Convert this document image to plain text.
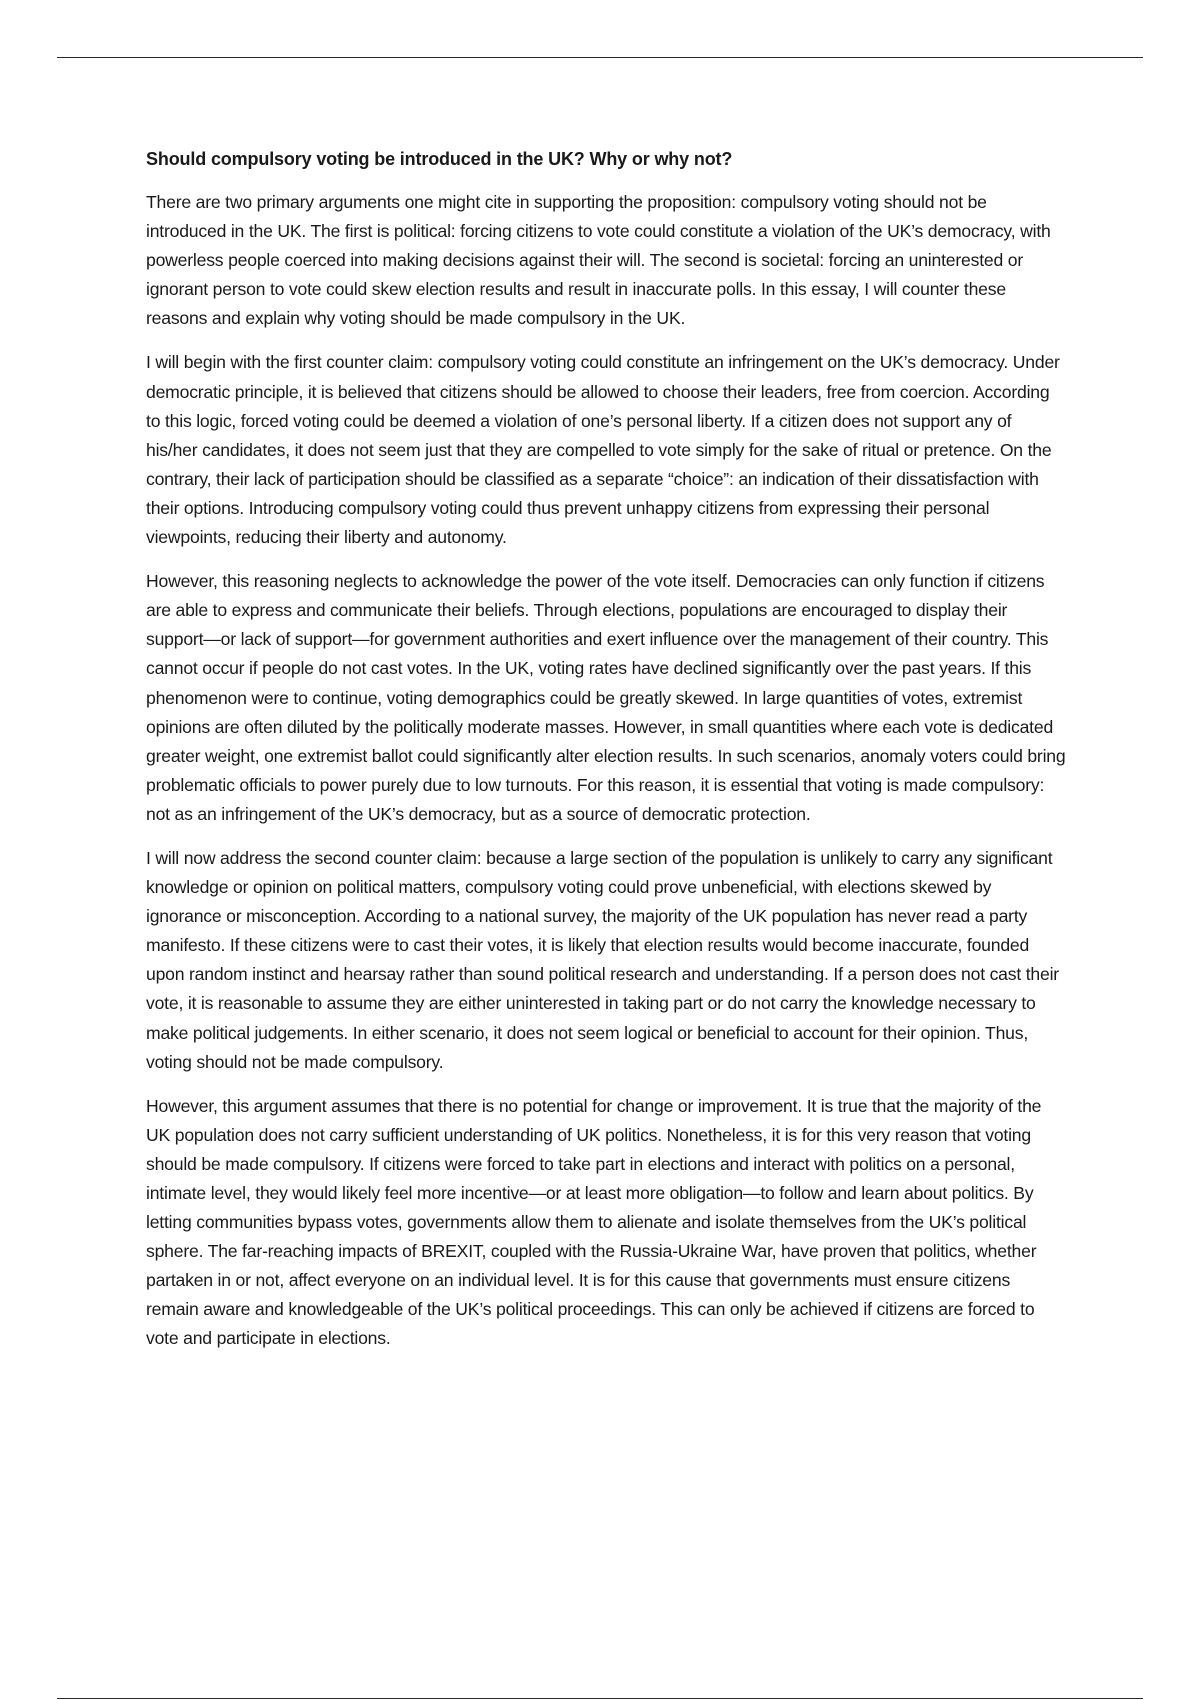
Should compulsory voting be introduced in the UK? Why or why not?

There are two primary arguments one might cite in supporting the proposition: compulsory voting should not be introduced in the UK. The first is political: forcing citizens to vote could constitute a violation of the UK’s democracy, with powerless people coerced into making decisions against their will. The second is societal: forcing an uninterested or ignorant person to vote could skew election results and result in inaccurate polls. In this essay, I will counter these reasons and explain why voting should be made compulsory in the UK.

I will begin with the first counter claim: compulsory voting could constitute an infringement on the UK’s democracy. Under democratic principle, it is believed that citizens should be allowed to choose their leaders, free from coercion. According to this logic, forced voting could be deemed a violation of one’s personal liberty. If a citizen does not support any of his/her candidates, it does not seem just that they are compelled to vote simply for the sake of ritual or pretence. On the contrary, their lack of participation should be classified as a separate “choice”: an indication of their dissatisfaction with their options. Introducing compulsory voting could thus prevent unhappy citizens from expressing their personal viewpoints, reducing their liberty and autonomy.

However, this reasoning neglects to acknowledge the power of the vote itself. Democracies can only function if citizens are able to express and communicate their beliefs. Through elections, populations are encouraged to display their support—or lack of support—for government authorities and exert influence over the management of their country. This cannot occur if people do not cast votes. In the UK, voting rates have declined significantly over the past years. If this phenomenon were to continue, voting demographics could be greatly skewed. In large quantities of votes, extremist opinions are often diluted by the politically moderate masses. However, in small quantities where each vote is dedicated greater weight, one extremist ballot could significantly alter election results. In such scenarios, anomaly voters could bring problematic officials to power purely due to low turnouts. For this reason, it is essential that voting is made compulsory: not as an infringement of the UK’s democracy, but as a source of democratic protection.

I will now address the second counter claim: because a large section of the population is unlikely to carry any significant knowledge or opinion on political matters, compulsory voting could prove unbeneficial, with elections skewed by ignorance or misconception. According to a national survey, the majority of the UK population has never read a party manifesto. If these citizens were to cast their votes, it is likely that election results would become inaccurate, founded upon random instinct and hearsay rather than sound political research and understanding. If a person does not cast their vote, it is reasonable to assume they are either uninterested in taking part or do not carry the knowledge necessary to make political judgements. In either scenario, it does not seem logical or beneficial to account for their opinion. Thus, voting should not be made compulsory.

However, this argument assumes that there is no potential for change or improvement. It is true that the majority of the UK population does not carry sufficient understanding of UK politics. Nonetheless, it is for this very reason that voting should be made compulsory. If citizens were forced to take part in elections and interact with politics on a personal, intimate level, they would likely feel more incentive—or at least more obligation—to follow and learn about politics. By letting communities bypass votes, governments allow them to alienate and isolate themselves from the UK’s political sphere. The far-reaching impacts of BREXIT, coupled with the Russia-Ukraine War, have proven that politics, whether partaken in or not, affect everyone on an individual level. It is for this cause that governments must ensure citizens remain aware and knowledgeable of the UK’s political proceedings. This can only be achieved if citizens are forced to vote and participate in elections.
